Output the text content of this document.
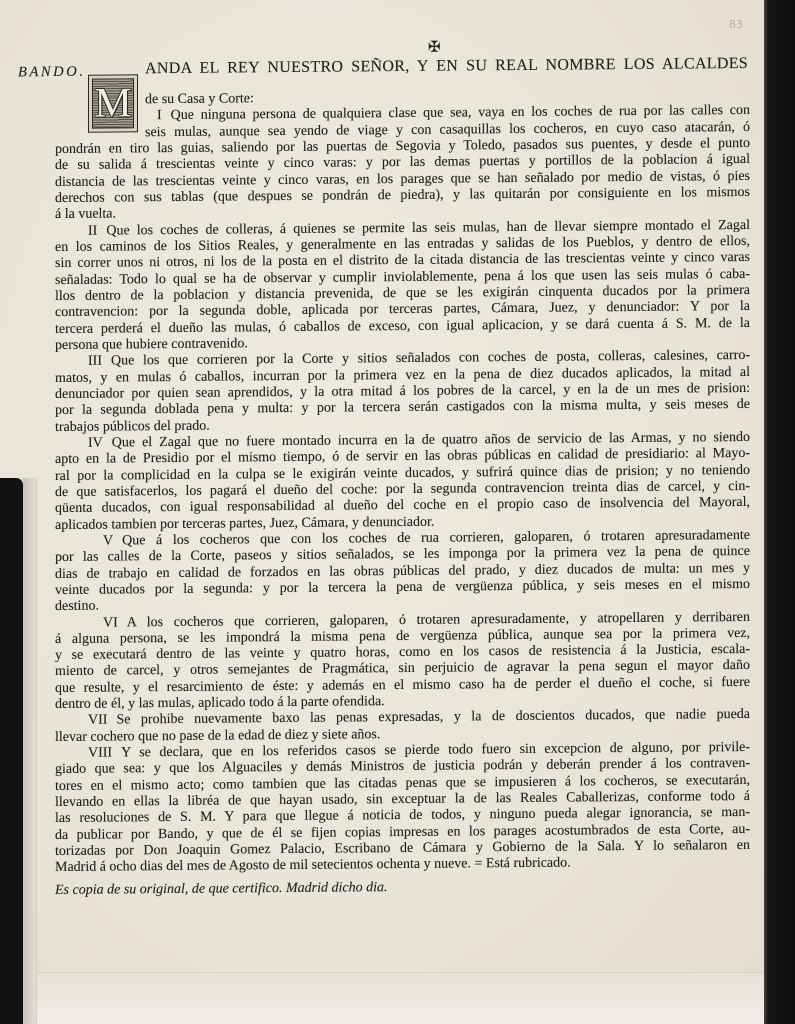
83
✠
BANDO.
M
ANDA EL REY NUESTRO SEÑOR, Y EN SU REAL NOMBRE LOS ALCALDES
de su Casa y Corte:
I Que ninguna persona de qualquiera clase que sea, vaya en los coches de rua por las calles con
seis mulas, aunque sea yendo de viage y con casaquillas los cocheros, en cuyo caso atacarán, ó
pondrán en tiro las guias, saliendo por las puertas de Segovia y Toledo, pasados sus puentes, y desde el punto
de su salida á trescientas veinte y cinco varas: y por las demas puertas y portillos de la poblacion á igual
distancia de las trescientas veinte y cinco varas, en los parages que se han señalado por medio de vistas, ó pies
derechos con sus tablas (que despues se pondrán de piedra), y las quitarán por consiguiente en los mismos
á la vuelta.
II Que los coches de colleras, á quienes se permite las seis mulas, han de llevar siempre montado el Zagal
en los caminos de los Sitios Reales, y generalmente en las entradas y salidas de los Pueblos, y dentro de ellos,
sin correr unos ni otros, ni los de la posta en el distrito de la citada distancia de las trescientas veinte y cinco varas
señaladas: Todo lo qual se ha de observar y cumplir inviolablemente, pena á los que usen las seis mulas ó caba-
llos dentro de la poblacion y distancia prevenida, de que se les exigirán cinquenta ducados por la primera
contravencion: por la segunda doble, aplicada por terceras partes, Cámara, Juez, y denunciador: Y por la
tercera perderá el dueño las mulas, ó caballos de exceso, con igual aplicacion, y se dará cuenta á S. M. de la
persona que hubiere contravenido.
III Que los que corrieren por la Corte y sitios señalados con coches de posta, colleras, calesines, carro-
matos, y en mulas ó caballos, incurran por la primera vez en la pena de diez ducados aplicados, la mitad al
denunciador por quien sean aprendidos, y la otra mitad á los pobres de la carcel, y en la de un mes de prision:
por la segunda doblada pena y multa: y por la tercera serán castigados con la misma multa, y seis meses de
trabajos públicos del prado.
IV Que el Zagal que no fuere montado incurra en la de quatro años de servicio de las Armas, y no siendo
apto en la de Presidio por el mismo tiempo, ó de servir en las obras públicas en calidad de presidiario: al Mayo-
ral por la complicidad en la culpa se le exigirán veinte ducados, y sufrirá quince dias de prision; y no teniendo
de que satisfacerlos, los pagará el dueño del coche: por la segunda contravencion treinta dias de carcel, y cin-
qüenta ducados, con igual responsabilidad al dueño del coche en el propio caso de insolvencia del Mayoral,
aplicados tambien por terceras partes, Juez, Cámara, y denunciador.
V Que á los cocheros que con los coches de rua corrieren, galoparen, ó trotaren apresuradamente
por las calles de la Corte, paseos y sitios señalados, se les imponga por la primera vez la pena de quince
dias de trabajo en calidad de forzados en las obras públicas del prado, y diez ducados de multa: un mes y
veinte ducados por la segunda: y por la tercera la pena de vergüenza pública, y seis meses en el mismo
destino.
VI A los cocheros que corrieren, galoparen, ó trotaren apresuradamente, y atropellaren y derribaren
á alguna persona, se les impondrá la misma pena de vergüenza pública, aunque sea por la primera vez,
y se executará dentro de las veinte y quatro horas, como en los casos de resistencia á la Justicia, escala-
miento de carcel, y otros semejantes de Pragmática, sin perjuicio de agravar la pena segun el mayor daño
que resulte, y el resarcimiento de éste: y además en el mismo caso ha de perder el dueño el coche, si fuere
dentro de él, y las mulas, aplicado todo á la parte ofendida.
VII Se prohibe nuevamente baxo las penas expresadas, y la de doscientos ducados, que nadie pueda
llevar cochero que no pase de la edad de diez y siete años.
VIII Y se declara, que en los referidos casos se pierde todo fuero sin excepcion de alguno, por privile-
giado que sea: y que los Alguaciles y demás Ministros de justicia podrán y deberán prender á los contraven-
tores en el mismo acto; como tambien que las citadas penas que se impusieren á los cocheros, se executarán,
llevando en ellas la libréa de que hayan usado, sin exceptuar la de las Reales Caballerizas, conforme todo á
las resoluciones de S. M. Y para que llegue á noticia de todos, y ninguno pueda alegar ignorancia, se man-
da publicar por Bando, y que de él se fijen copias impresas en los parages acostumbrados de esta Corte, au-
torizadas por Don Joaquin Gomez Palacio, Escribano de Cámara y Gobierno de la Sala. Y lo señalaron en
Madrid á ocho dias del mes de Agosto de mil setecientos ochenta y nueve. = Está rubricado.
Es copia de su original, de que certifico. Madrid dicho dia.
